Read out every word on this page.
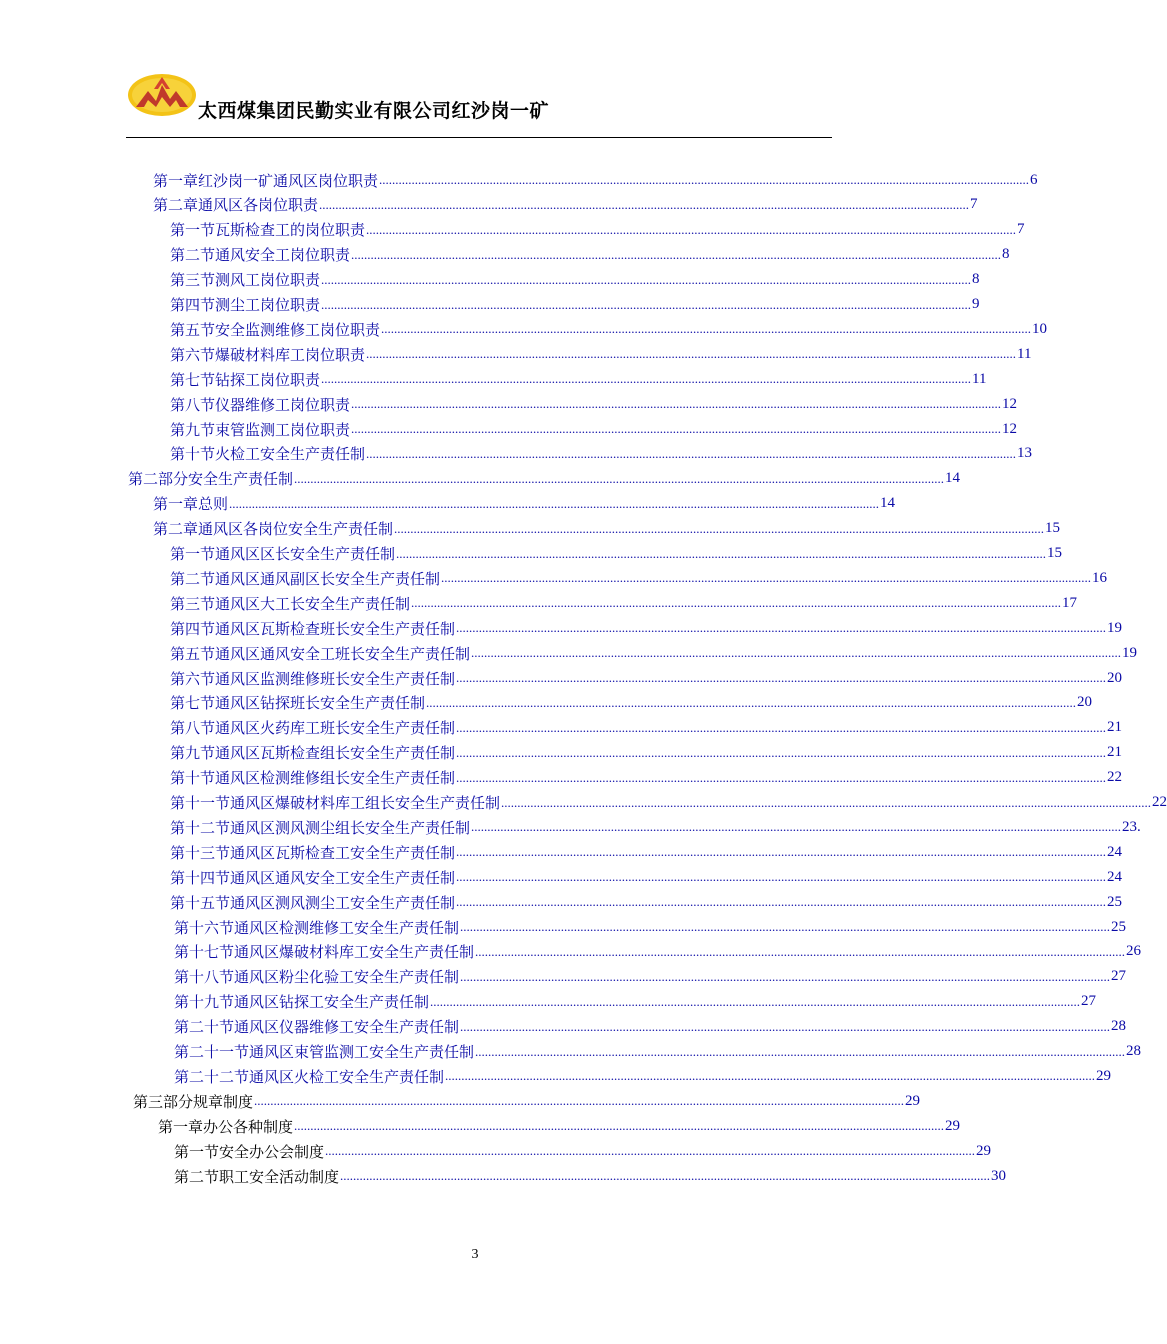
太西煤集团民勤实业有限公司红沙岗一矿
第一章 红沙岗一矿通风区岗位职责 ........................................................................................................................................................................................................ 6
第二章 通风区各岗位职责 ........................................................................................................................................................................................................ 7
第一节 瓦斯检查工的岗位职责 ........................................................................................................................................................................................................ 7
第二节 通风安全工岗位职责 ........................................................................................................................................................................................................ 8
第三节 测风工岗位职责 ........................................................................................................................................................................................................ 8
第四节 测尘工岗位职责 ........................................................................................................................................................................................................ 9
第五节 安全监测维修工岗位职责 ........................................................................................................................................................................................................ 10
第六节 爆破材料库工岗位职责 ........................................................................................................................................................................................................ 11
第七节 钻探工岗位职责 ........................................................................................................................................................................................................ 11
第八节 仪器维修工岗位职责 ........................................................................................................................................................................................................ 12
第九节 束管监测工岗位职责 ........................................................................................................................................................................................................ 12
第十节 火检工安全生产责任制 ........................................................................................................................................................................................................ 13
第二部分 安全生产责任制 ........................................................................................................................................................................................................ 14
第一章 总则 ........................................................................................................................................................................................................ 14
第二章 通风区各岗位安全生产责任制 ........................................................................................................................................................................................................ 15
第一节 通风区区长安全生产责任制 ........................................................................................................................................................................................................ 15
第二节 通风区通风副区长安全生产责任制 ........................................................................................................................................................................................................ 16
第三节 通风区大工长安全生产责任制 ........................................................................................................................................................................................................ 17
第四节 通风区瓦斯检查班长安全生产责任制 ........................................................................................................................................................................................................ 19
第五节 通风区通风安全工班长安全生产责任制 ........................................................................................................................................................................................................ 19
第六节 通风区监测维修班长安全生产责任制 ........................................................................................................................................................................................................ 20
第七节 通风区钻探班长安全生产责任制 ........................................................................................................................................................................................................ 20
第八节 通风区火药库工班长安全生产责任制 ........................................................................................................................................................................................................ 21
第九节 通风区瓦斯检查组长安全生产责任制 ........................................................................................................................................................................................................ 21
第十节 通风区检测维修组长安全生产责任制 ........................................................................................................................................................................................................ 22
第十一节 通风区爆破材料库工组长安全生产责任制 ........................................................................................................................................................................................................ 22
第十二节 通风区测风测尘组长安全生产责任制 ........................................................................................................................................................................................................ 23.
第十三节 通风区瓦斯检查工安全生产责任制 ........................................................................................................................................................................................................ 24
第十四节 通风区通风安全工安全生产责任制 ........................................................................................................................................................................................................ 24
第十五节 通风区测风测尘工安全生产责任制 ........................................................................................................................................................................................................ 25
第十六节 通风区检测维修工安全生产责任制 ........................................................................................................................................................................................................ 25
第十七节 通风区爆破材料库工安全生产责任制 ........................................................................................................................................................................................................ 26
第十八节 通风区粉尘化验工安全生产责任制 ........................................................................................................................................................................................................ 27
第十九节 通风区钻探工安全生产责任制 ........................................................................................................................................................................................................ 27
第二十节 通风区仪器维修工安全生产责任制 ........................................................................................................................................................................................................ 28
第二十一节 通风区束管监测工安全生产责任制 ........................................................................................................................................................................................................ 28
第二十二节 通风区火检工安全生产责任制 ........................................................................................................................................................................................................ 29
第三部分 规章制度 ........................................................................................................................................................................................................ 29
第一章 办公各种制度 ........................................................................................................................................................................................................ 29
第一节 安全办公会制度 ........................................................................................................................................................................................................ 29
第二节 职工安全活动制度 ........................................................................................................................................................................................................ 30
3
